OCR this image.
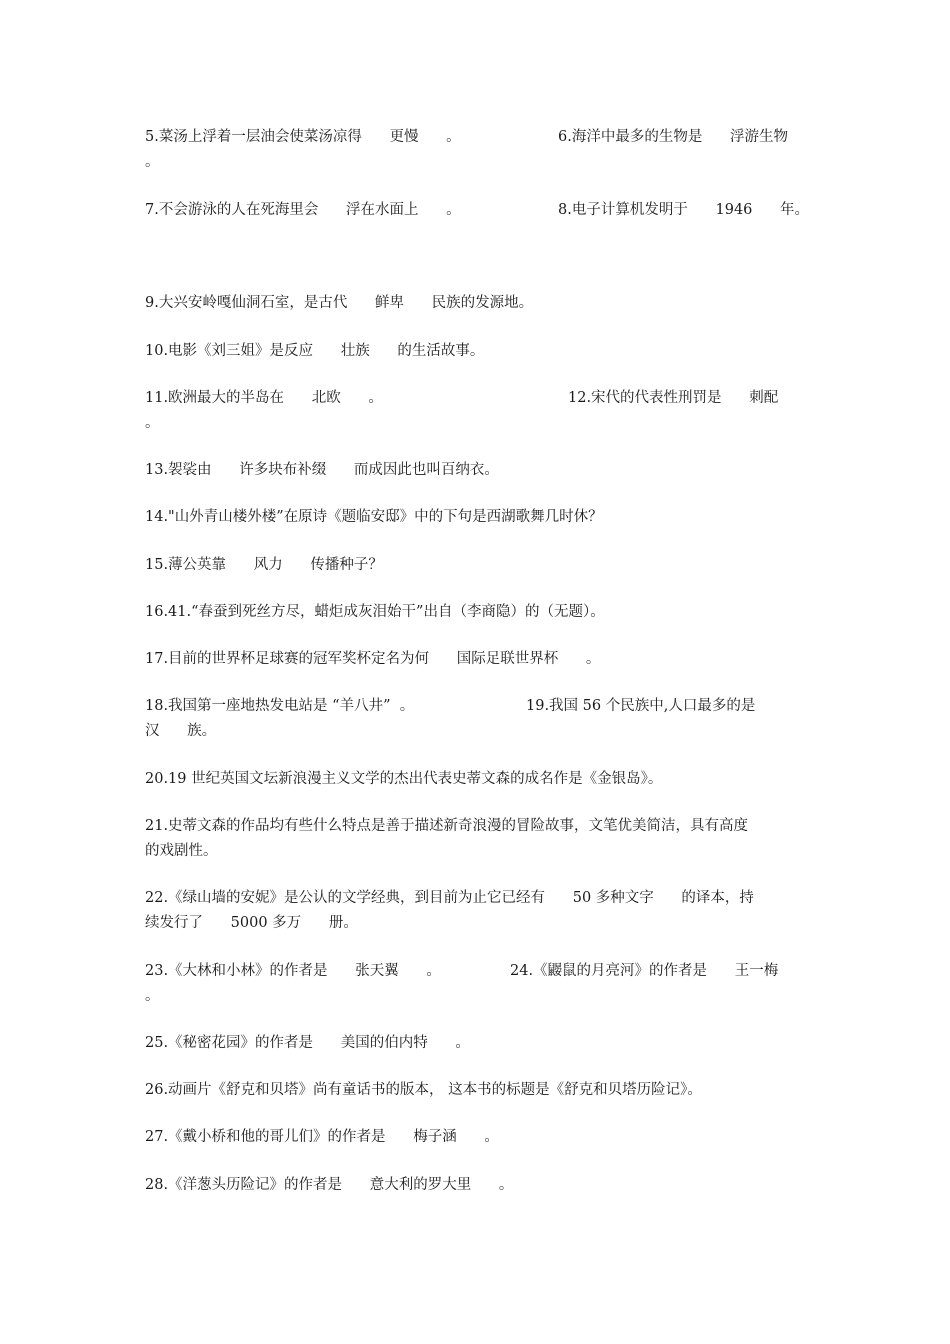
5.菜汤上浮着一层油会使菜汤凉得      更慢      。	6.海洋中最多的生物是      浮游生物
。
7.不会游泳的人在死海里会      浮在水面上      。	8.电子计算机发明于      1946      年。
9.大兴安岭嘎仙洞石室，是古代      鲜卑      民族的发源地。
10.电影《刘三姐》是反应      壮族      的生活故事。
11.欧洲最大的半岛在      北欧      。	12.宋代的代表性刑罚是      刺配
。
13.袈裟由      许多块布补缀      而成因此也叫百纳衣。
14."山外青山楼外楼”在原诗《题临安邸》中的下句是西湖歌舞几时休？
15.薄公英靠      风力      传播种子？
16.41.“春蚕到死丝方尽，蜡炬成灰泪始干”出自（李商隐）的（无题）。
17.目前的世界杯足球赛的冠军奖杯定名为何      国际足联世界杯      。
18.我国第一座地热发电站是 “羊八井”  。	19.我国 56 个民族中,人口最多的是
汉      族。
20.19 世纪英国文坛新浪漫主义文学的杰出代表史蒂文森的成名作是《金银岛》。
21.史蒂文森的作品均有些什么特点是善于描述新奇浪漫的冒险故事，文笔优美简洁，具有高度
的戏剧性。
22.《绿山墙的安妮》是公认的文学经典，到目前为止它已经有      50 多种文字      的译本，持
续发行了      5000 多万      册。
23.《大林和小林》的作者是      张天翼      。	24.《鼹鼠的月亮河》的作者是      王一梅
。
25.《秘密花园》的作者是      美国的伯内特      。
26.动画片《舒克和贝塔》尚有童话书的版本， 这本书的标题是《舒克和贝塔历险记》。
27.《戴小桥和他的哥儿们》的作者是      梅子涵      。
28.《洋葱头历险记》的作者是      意大利的罗大里      。
